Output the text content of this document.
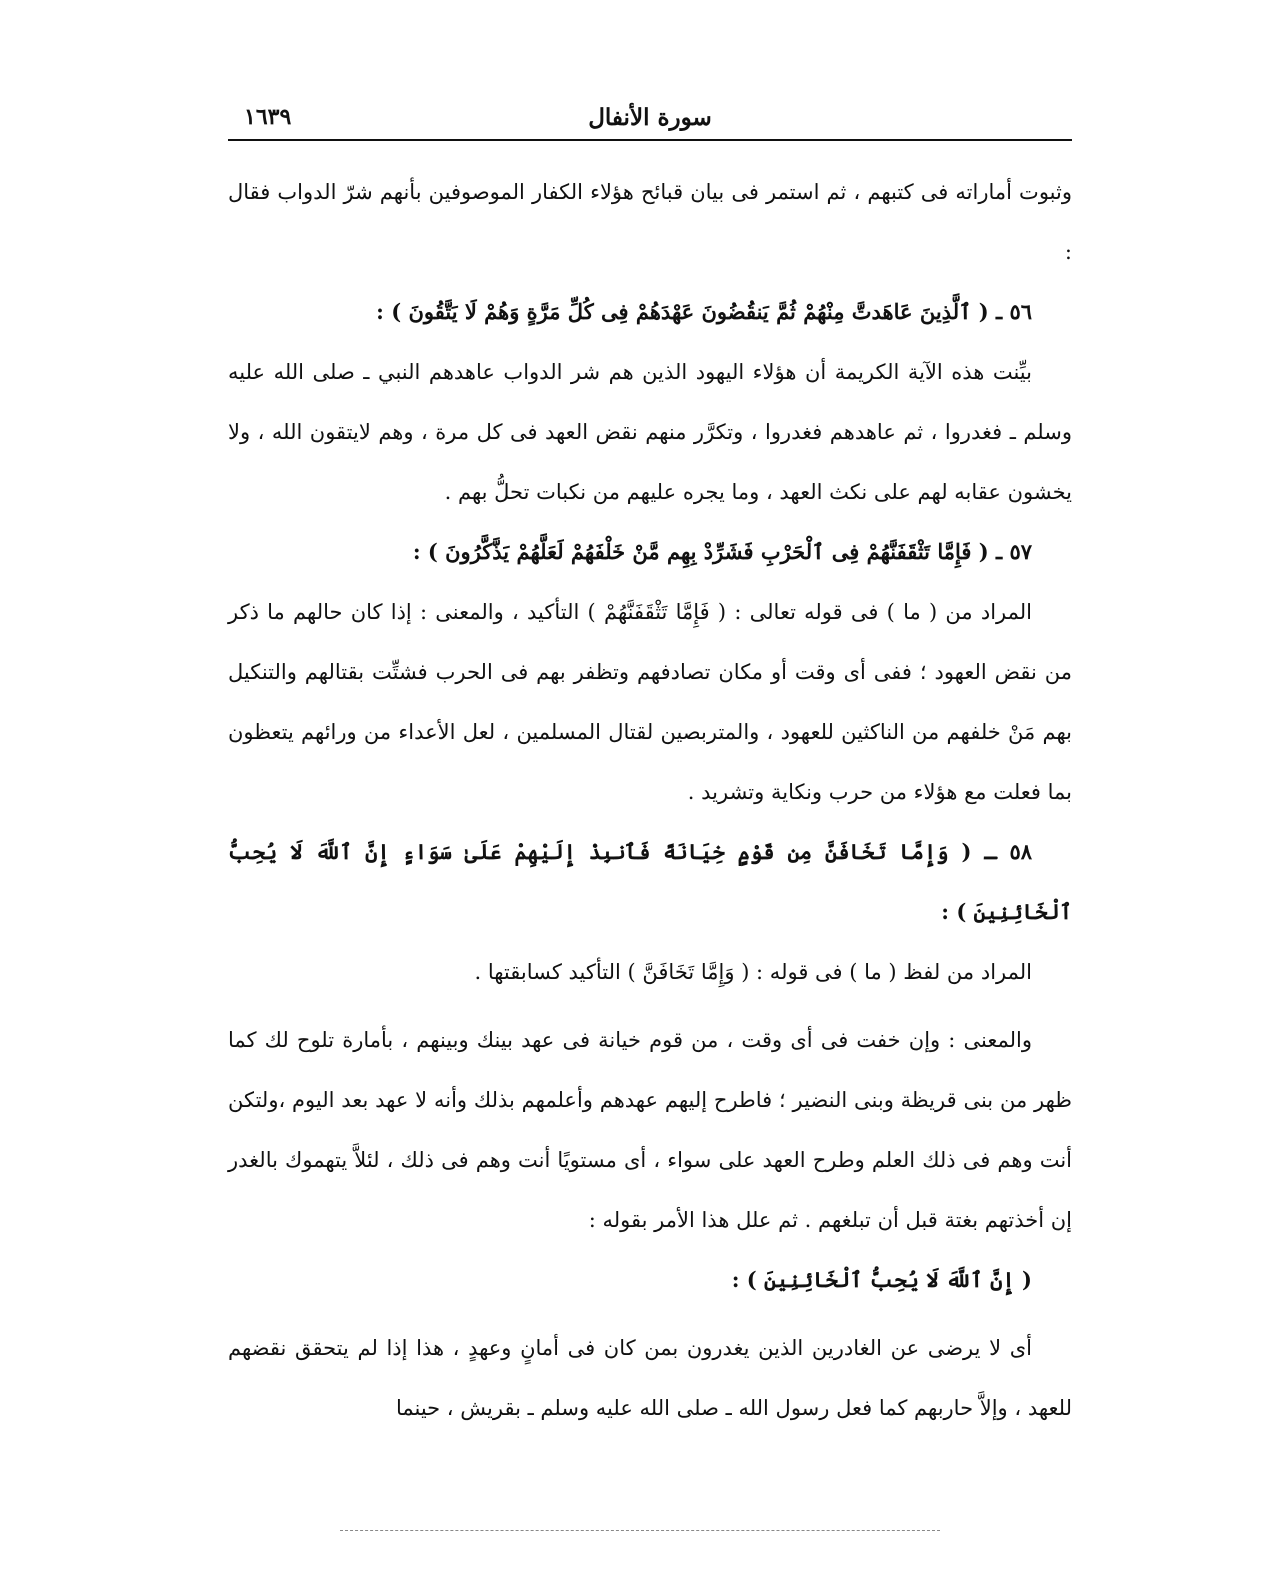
١٦٣٩	سورة الأنفال

وثبوت أماراته فى كتبهم ، ثم استمر فى بيان قبائح هؤلاء الكفار الموصوفين بأنهم شرّ الدواب فقال :

٥٦ ـ ( ٱلَّذِينَ عَاهَدتَّ مِنْهُمْ ثُمَّ يَنقُضُونَ عَهْدَهُمْ فِى كُلِّ مَرَّةٍ وَهُمْ لَا يَتَّقُونَ ) :

بيِّنت هذه الآية الكريمة أن هؤلاء اليهود الذين هم شر الدواب عاهدهم النبي ـ صلى الله عليه وسلم ـ فغدروا ، ثم عاهدهم فغدروا ، وتكرَّر منهم نقض العهد فى كل مرة ، وهم لايتقون الله ، ولا يخشون عقابه لهم على نكث العهد ، وما يجره عليهم من نكبات تحلُّ بهم .

٥٧ ـ ( فَإِمَّا تَثْقَفَنَّهُمْ فِى ٱلْحَرْبِ فَشَرِّدْ بِهِم مَّنْ خَلْفَهُمْ لَعَلَّهُمْ يَذَّكَّرُونَ ) :

المراد من ( ما ) فى قوله تعالى : ( فَإِمَّا تَثْقَفَنَّهُمْ ) التأكيد ، والمعنى : إذا كان حالهم ما ذكر من نقض العهود ؛ ففى أى وقت أو مكان تصادفهم وتظفر بهم فى الحرب فشتِّت بقتالهم والتنكيل بهم مَنْ خلفهم من الناكثين للعهود ، والمتربصين لقتال المسلمين ، لعل الأعداء من ورائهم يتعظون بما فعلت مع هؤلاء من حرب ونكاية وتشريد .

٥٨ ـ ( وَإِمَّا تَخَافَنَّ مِن قَوْمٍ خِيَانَةً فَٱنبِذْ إِلَيْهِمْ عَلَىٰ سَوَاءٍ إِنَّ ٱللَّهَ لَا يُحِبُّ ٱلْخَائِنِينَ ) :

المراد من لفظ ( ما ) فى قوله : ( وَإِمَّا تَخَافَنَّ ) التأكيد كسابقتها .

والمعنى : وإن خفت فى أى وقت ، من قوم خيانة فى عهد بينك وبينهم ، بأمارة تلوح لك كما ظهر من بنى قريظة وبنى النضير ؛ فاطرح إليهم عهدهم وأعلمهم بذلك وأنه لا عهد بعد اليوم ،ولتكن أنت وهم فى ذلك العلم وطرح العهد على سواء ، أى مستويًا أنت وهم فى ذلك ، لئلاَّ يتهموك بالغدر إن أخذتهم بغتة قبل أن تبلغهم . ثم علل هذا الأمر بقوله :

( إِنَّ ٱللَّهَ لَا يُحِبُّ ٱلْخَائِنِينَ ) :

أى لا يرضى عن الغادرين الذين يغدرون بمن كان فى أمانٍ وعهدٍ ، هذا إذا لم يتحقق نقضهم للعهد ، وإلاَّ حاربهم كما فعل رسول الله ـ صلى الله عليه وسلم ـ بقريش ، حينما
